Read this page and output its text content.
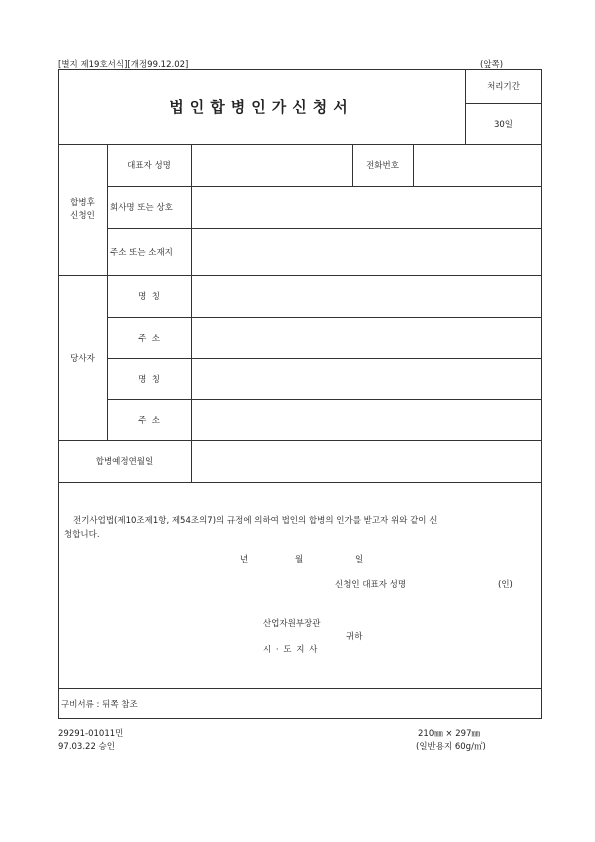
[별지 제19호서식][개정99.12.02]	(앞쪽)
법인합병인가신청서
처리기간
30일
합병후
신청인
대표자 성명	전화번호
회사명 또는 상호
주소 또는 소재지
당사자
명  칭
주  소
명  칭
주  소
합병예정연월일
전기사업법(제10조제1항, 제54조의7)의 규정에 의하여 법인의 합병의 인가를 받고자 위와 같이 신
청합니다.
년	월	일
신청인 대표자 성명	(인)
산업자원부장관
귀하
시 · 도 지 사
구비서류 : 뒤쪽 참조
29291-01011민
97.03.22 승인
210㎜ × 297㎜
(일반용지 60g/㎡)
